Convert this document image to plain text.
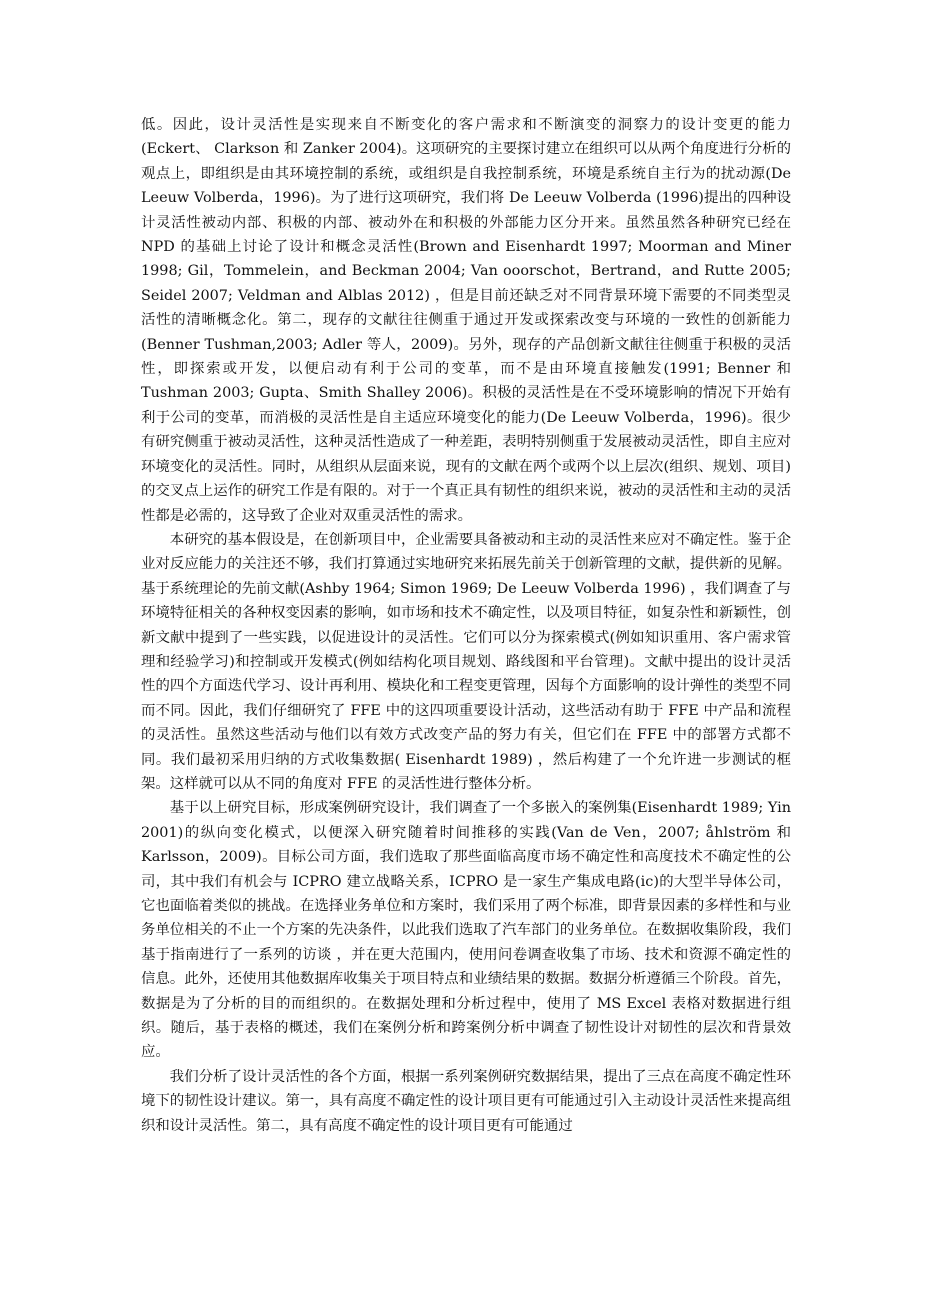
低。因此，设计灵活性是实现来自不断变化的客户需求和不断演变的洞察力的设计变更的能力(Eckert、 Clarkson 和 Zanker 2004)。这项研究的主要探讨建立在组织可以从两个角度进行分析的观点上，即组织是由其环境控制的系统，或组织是自我控制系统，环境是系统自主行为的扰动源(De Leeuw Volberda，1996)。为了进行这项研究，我们将 De Leeuw Volberda (1996)提出的四种设计灵活性被动内部、积极的内部、被动外在和积极的外部能力区分开来。虽然虽然各种研究已经在 NPD 的基础上讨论了设计和概念灵活性(Brown and Eisenhardt 1997; Moorman and Miner 1998; Gil，Tommelein，and Beckman 2004; Van ooorschot，Bertrand，and Rutte 2005; Seidel 2007; Veldman and Alblas 2012) ，但是目前还缺乏对不同背景环境下需要的不同类型灵活性的清晰概念化。第二，现存的文献往往侧重于通过开发或探索改变与环境的一致性的创新能力(Benner Tushman,2003; Adler 等人，2009)。另外，现存的产品创新文献往往侧重于积极的灵活性，即探索或开发，以便启动有利于公司的变革，而不是由环境直接触发(1991; Benner 和 Tushman 2003; Gupta、Smith Shalley 2006)。积极的灵活性是在不受环境影响的情况下开始有利于公司的变革，而消极的灵活性是自主适应环境变化的能力(De Leeuw Volberda，1996)。很少有研究侧重于被动灵活性，这种灵活性造成了一种差距，表明特别侧重于发展被动灵活性，即自主应对环境变化的灵活性。同时，从组织从层面来说，现有的文献在两个或两个以上层次(组织、规划、项目)的交叉点上运作的研究工作是有限的。对于一个真正具有韧性的组织来说，被动的灵活性和主动的灵活性都是必需的，这导致了企业对双重灵活性的需求。

本研究的基本假设是，在创新项目中，企业需要具备被动和主动的灵活性来应对不确定性。鉴于企业对反应能力的关注还不够，我们打算通过实地研究来拓展先前关于创新管理的文献，提供新的见解。基于系统理论的先前文献(Ashby 1964; Simon 1969; De Leeuw Volberda 1996) ，我们调查了与环境特征相关的各种权变因素的影响，如市场和技术不确定性，以及项目特征，如复杂性和新颖性，创新文献中提到了一些实践，以促进设计的灵活性。它们可以分为探索模式(例如知识重用、客户需求管理和经验学习)和控制或开发模式(例如结构化项目规划、路线图和平台管理)。文献中提出的设计灵活性的四个方面迭代学习、设计再利用、模块化和工程变更管理，因每个方面影响的设计弹性的类型不同而不同。因此，我们仔细研究了 FFE 中的这四项重要设计活动，这些活动有助于 FFE 中产品和流程的灵活性。虽然这些活动与他们以有效方式改变产品的努力有关，但它们在 FFE 中的部署方式都不同。我们最初采用归纳的方式收集数据( Eisenhardt 1989) ，然后构建了一个允许进一步测试的框架。这样就可以从不同的角度对 FFE 的灵活性进行整体分析。

基于以上研究目标，形成案例研究设计，我们调查了一个多嵌入的案例集(Eisenhardt 1989; Yin 2001)的纵向变化模式，以便深入研究随着时间推移的实践(Van de Ven，2007; åhlström 和 Karlsson，2009)。目标公司方面，我们选取了那些面临高度市场不确定性和高度技术不确定性的公司，其中我们有机会与 ICPRO 建立战略关系，ICPRO 是一家生产集成电路(ic)的大型半导体公司，它也面临着类似的挑战。在选择业务单位和方案时，我们采用了两个标准，即背景因素的多样性和与业务单位相关的不止一个方案的先决条件，以此我们选取了汽车部门的业务单位。在数据收集阶段，我们基于指南进行了一系列的访谈 ，并在更大范围内，使用问卷调查收集了市场、技术和资源不确定性的信息。此外，还使用其他数据库收集关于项目特点和业绩结果的数据。数据分析遵循三个阶段。首先，数据是为了分析的目的而组织的。在数据处理和分析过程中，使用了 MS Excel 表格对数据进行组织。随后，基于表格的概述，我们在案例分析和跨案例分析中调查了韧性设计对韧性的层次和背景效应。

我们分析了设计灵活性的各个方面，根据一系列案例研究数据结果，提出了三点在高度不确定性环境下的韧性设计建议。第一，具有高度不确定性的设计项目更有可能通过引入主动设计灵活性来提高组织和设计灵活性。第二，具有高度不确定性的设计项目更有可能通过
